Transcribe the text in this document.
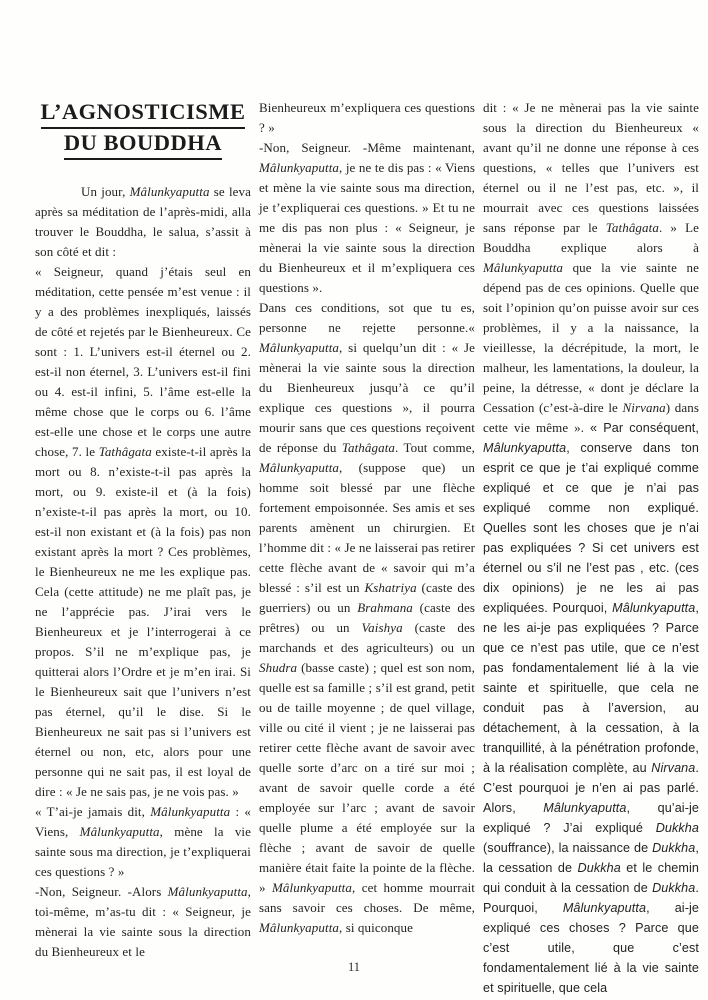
L’AGNOSTICISME
DU BOUDDHA

Un jour, Mâlunkyaputta se leva après sa méditation de l’après-midi, alla trouver le Bouddha, le salua, s’assit à son côté et dit :

« Seigneur, quand j’étais seul en méditation, cette pensée m’est venue : il y a des problèmes inexpliqués, laissés de côté et rejetés par le Bienheureux. Ce sont : 1. L’univers est-il éternel ou 2. est-il non éternel, 3. L’univers est-il fini ou 4. est-il infini, 5. l’âme est-elle la même chose que le corps ou 6. l’âme est-elle une chose et le corps une autre chose, 7. le Tathâgata existe-t-il après la mort ou 8. n’existe-t-il pas après la mort, ou 9. existe-il et (à la fois) n’existe-t-il pas après la mort, ou 10. est-il non existant et (à la fois) pas non existant après la mort ? Ces problèmes, le Bienheureux ne me les explique pas. Cela (cette attitude) ne me plaît pas, je ne l’apprécie pas. J’irai vers le Bienheureux et je l’interrogerai à ce propos. S’il ne m’explique pas, je quitterai alors l’Ordre et je m’en irai. Si le Bienheureux sait que l’univers n’est pas éternel, qu’il le dise. Si le Bienheureux ne sait pas si l’univers est éternel ou non, etc, alors pour une personne qui ne sait pas, il est loyal de dire : « Je ne sais pas, je ne vois pas. »

« T’ai-je jamais dit, Mâlunkyaputta : « Viens, Mâlunkyaputta, mène la vie sainte sous ma direction, je t’expliquerai ces questions ? »

-Non, Seigneur. -Alors Mâlunkyaputta, toi-même, m’as-tu dit : « Seigneur, je mènerai la vie sainte sous la direction du Bienheureux et le

Bienheureux m’expliquera ces questions ? »

-Non, Seigneur. -Même maintenant, Mâlunkyaputta, je ne te dis pas : « Viens et mène la vie sainte sous ma direction, je t’expliquerai ces questions. » Et tu ne me dis pas non plus : « Seigneur, je mènerai la vie sainte sous la direction du Bienheureux et il m’expliquera ces questions ».

Dans ces conditions, sot que tu es, personne ne rejette personne.« Mâlunkyaputta, si quelqu’un dit : « Je mènerai la vie sainte sous la direction du Bienheureux jusqu’à ce qu’il explique ces questions », il pourra mourir sans que ces questions reçoivent de réponse du Tathâgata. Tout comme, Mâlunkyaputta, (suppose que) un homme soit blessé par une flèche fortement empoisonnée. Ses amis et ses parents amènent un chirurgien. Et l’homme dit : « Je ne laisserai pas retirer cette flèche avant de « savoir qui m’a blessé : s’il est un Kshatriya (caste des guerriers) ou un Brahmana (caste des prêtres) ou un Vaishya (caste des marchands et des agriculteurs) ou un Shudra (basse caste) ; quel est son nom, quelle est sa famille ; s’il est grand, petit ou de taille moyenne ; de quel village, ville ou cité il vient ; je ne laisserai pas retirer cette flèche avant de savoir avec quelle sorte d’arc on a tiré sur moi ; avant de savoir quelle corde a été employée sur l’arc ; avant de savoir quelle plume a été employée sur la flèche ; avant de savoir de quelle manière était faite la pointe de la flèche. » Mâlunkyaputta, cet homme mourrait sans savoir ces choses. De même, Mâlunkyaputta, si quiconque

dit : « Je ne mènerai pas la vie sainte sous la direction du Bienheureux « avant qu’il ne donne une réponse à ces questions, « telles que l’univers est éternel ou il ne l’est pas, etc. », il mourrait avec ces questions laissées sans réponse par le Tathâgata. » Le Bouddha explique alors à Mâlunkyaputta que la vie sainte ne dépend pas de ces opinions. Quelle que soit l’opinion qu’on puisse avoir sur ces problèmes, il y a la naissance, la vieillesse, la décrépitude, la mort, le malheur, les lamentations, la douleur, la peine, la détresse, « dont je déclare la Cessation (c’est-à-dire le Nirvana) dans cette vie même ». « Par conséquent, Mâlunkyaputta, conserve dans ton esprit ce que je t’ai expliqué comme expliqué et ce que je n’ai pas expliqué comme non expliqué. Quelles sont les choses que je n’ai pas expliquées ? Si cet univers est éternel ou s’il ne l’est pas , etc. (ces dix opinions) je ne les ai pas expliquées. Pourquoi, Mâlunkyaputta, ne les ai-je pas expliquées ? Parce que ce n’est pas utile, que ce n’est pas fondamentalement lié à la vie sainte et spirituelle, que cela ne conduit pas à l’aversion, au détachement, à la cessation, à la tranquillité, à la pénétration profonde, à la réalisation complète, au Nirvana. C’est pourquoi je n’en ai pas parlé. Alors, Mâlunkyaputta, qu’ai-je expliqué ? J’ai expliqué Dukkha (souffrance), la naissance de Dukkha, la cessation de Dukkha et le chemin qui conduit à la cessation de Dukkha. Pourquoi, Mâlunkyaputta, ai-je expliqué ces choses ? Parce que c’est utile, que c’est fondamentalement lié à la vie sainte et spirituelle, que cela

11
